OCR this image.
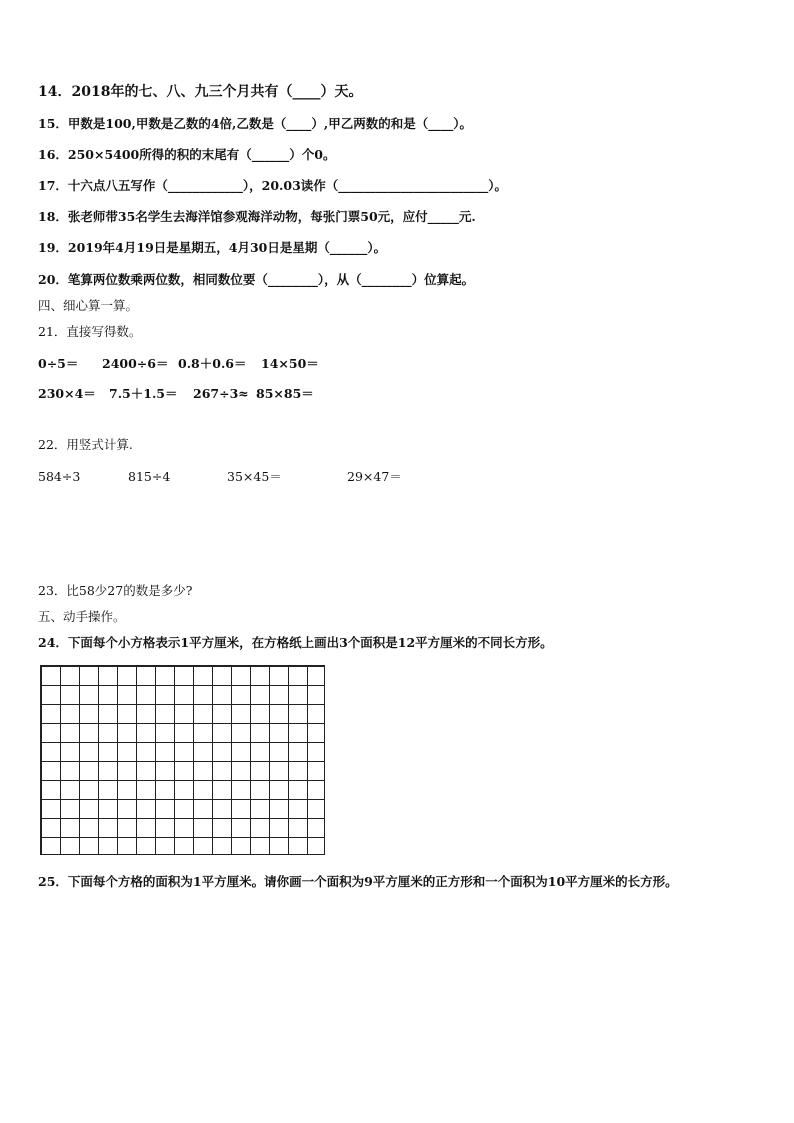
14．2018年的七、八、九三个月共有（____）天。
15．甲数是100,甲数是乙数的4倍,乙数是（____）,甲乙两数的和是（____）。
16．250×5400所得的积的末尾有（______）个0。
17．十六点八五写作（____________），20.03读作（________________________）。
18．张老师带35名学生去海洋馆参观海洋动物，每张门票50元，应付_____元.
19．2019年4月19日是星期五，4月30日是星期（______）。
20．笔算两位数乘两位数，相同数位要（________），从（________）位算起。
四、细心算一算。
21．直接写得数。
0÷5＝ 2400÷6＝ 0.8＋0.6＝ 14×50＝
230×4＝ 7.5＋1.5＝ 267÷3≈ 85×85＝
22．用竖式计算.
584÷3	815÷4	35×45＝	29×47＝
23．比58少27的数是多少?
五、动手操作。
24．下面每个小方格表示1平方厘米，在方格纸上画出3个面积是12平方厘米的不同长方形。
25．下面每个方格的面积为1平方厘米。请你画一个面积为9平方厘米的正方形和一个面积为10平方厘米的长方形。
